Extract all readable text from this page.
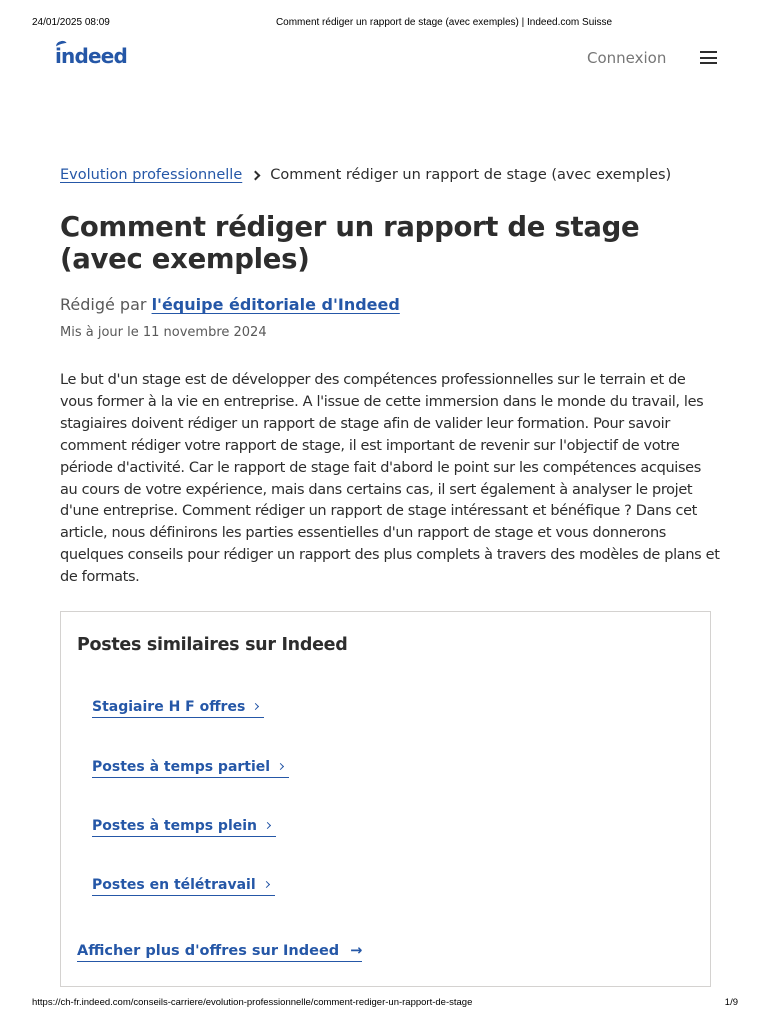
24/01/2025 08:09	Comment rédiger un rapport de stage (avec exemples) | Indeed.com Suisse
indeed	Connexion
Evolution professionnelle Comment rédiger un rapport de stage (avec exemples)
Comment rédiger un rapport de stage (avec exemples)
Rédigé par l'équipe éditoriale d'Indeed
Mis à jour le 11 novembre 2024

Le but d'un stage est de développer des compétences professionnelles sur le terrain et de vous former à la vie en entreprise. A l'issue de cette immersion dans le monde du travail, les stagiaires doivent rédiger un rapport de stage afin de valider leur formation. Pour savoir comment rédiger votre rapport de stage, il est important de revenir sur l'objectif de votre période d'activité. Car le rapport de stage fait d'abord le point sur les compétences acquises au cours de votre expérience, mais dans certains cas, il sert également à analyser le projet d'une entreprise. Comment rédiger un rapport de stage intéressant et bénéfique ? Dans cet article, nous définirons les parties essentielles d'un rapport de stage et vous donnerons quelques conseils pour rédiger un rapport des plus complets à travers des modèles de plans et de formats.

Postes similaires sur Indeed
Stagiaire H F offres
Postes à temps partiel
Postes à temps plein
Postes en télétravail
Afficher plus d'offres sur Indeed →
https://ch-fr.indeed.com/conseils-carriere/evolution-professionnelle/comment-rediger-un-rapport-de-stage	1/9
